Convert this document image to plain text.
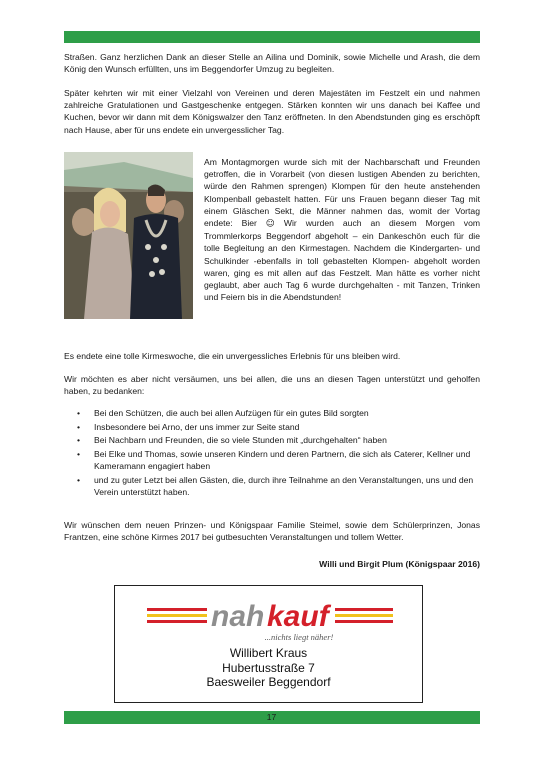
Straßen. Ganz herzlichen Dank an dieser Stelle an Ailina und Dominik, sowie Michelle und Arash, die dem König den Wunsch erfüllten, uns im Beggendorfer Umzug zu begleiten.

Später kehrten wir mit einer Vielzahl von Vereinen und deren Majestäten im Festzelt ein und nahmen zahlreiche Gratulationen und Gastgeschenke entgegen. Stärken konnten wir uns danach bei Kaffee und Kuchen, bevor wir dann mit dem Königswalzer den Tanz eröffneten. In den Abendstunden ging es erschöpft nach Hause, aber für uns endete ein unvergesslicher Tag.

Am Montagmorgen wurde sich mit der Nachbarschaft und Freunden getroffen, die in Vorarbeit (von diesen lustigen Abenden zu berichten, würde den Rahmen sprengen) Klompen für den heute anstehenden Klompenball gebastelt hatten. Für uns Frauen begann dieser Tag mit einem Gläschen Sekt, die Männer nahmen das, womit der Vortag endete: Bier ☺ Wir wurden auch an diesem Morgen vom Trommlerkorps Beggendorf abgeholt – ein Dankeschön euch für die tolle Begleitung an den Kirmestagen. Nachdem die Kindergarten- und Schulkinder -ebenfalls in toll gebastelten Klompen- abgeholt worden waren, ging es mit allen auf das Festzelt. Man hätte es vorher nicht geglaubt, aber auch Tag 6 wurde durchgehalten - mit Tanzen, Trinken und Feiern bis in die Abendstunden!

Es endete eine tolle Kirmeswoche, die ein unvergessliches Erlebnis für uns bleiben wird.

Wir möchten es aber nicht versäumen, uns bei allen, die uns an diesen Tagen unterstützt und geholfen haben, zu bedanken:

• Bei den Schützen, die auch bei allen Aufzügen für ein gutes Bild sorgten
• Insbesondere bei Arno, der uns immer zur Seite stand
• Bei Nachbarn und Freunden, die so viele Stunden mit „durchgehalten“ haben
• Bei Elke und Thomas, sowie unseren Kindern und deren Partnern, die sich als Caterer, Kellner und Kameramann engagiert haben
• und zu guter Letzt bei allen Gästen, die, durch ihre Teilnahme an den Veranstaltungen, uns und den Verein unterstützt haben.

Wir wünschen dem neuen Prinzen- und Königspaar Familie Steimel, sowie dem Schülerprinzen, Jonas Frantzen, eine schöne Kirmes 2017 bei gutbesuchten Veranstaltungen und tollem Wetter.

Willi und Birgit Plum (Königspaar 2016)
nah kauf
...nichts liegt näher!
Willibert Kraus
Hubertusstraße 7
Baesweiler Beggendorf
17
